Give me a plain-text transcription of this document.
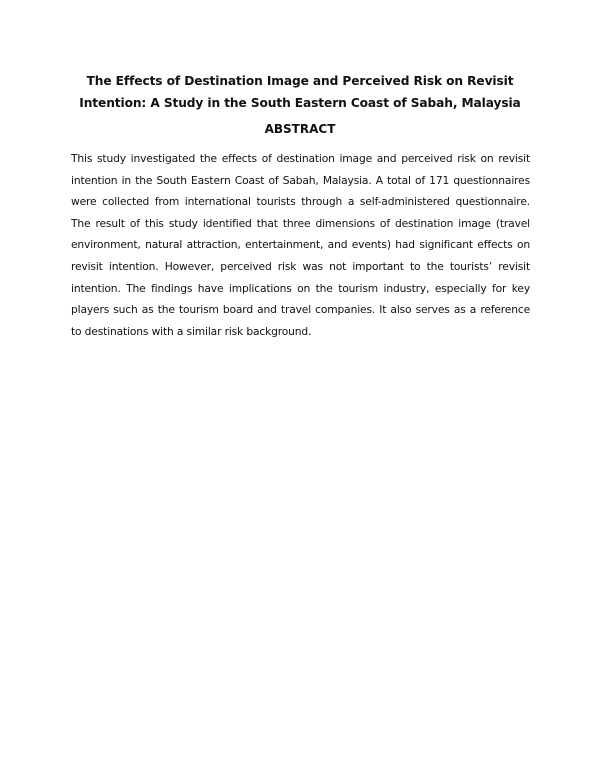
The Effects of Destination Image and Perceived Risk on Revisit Intention: A Study in the South Eastern Coast of Sabah, Malaysia
ABSTRACT

This study investigated the effects of destination image and perceived risk on revisit intention in the South Eastern Coast of Sabah, Malaysia. A total of 171 questionnaires were collected from international tourists through a self-administered questionnaire. The result of this study identified that three dimensions of destination image (travel environment, natural attraction, entertainment, and events) had significant effects on revisit intention. However, perceived risk was not important to the tourists’ revisit intention. The findings have implications on the tourism industry, especially for key players such as the tourism board and travel companies. It also serves as a reference to destinations with a similar risk background.
